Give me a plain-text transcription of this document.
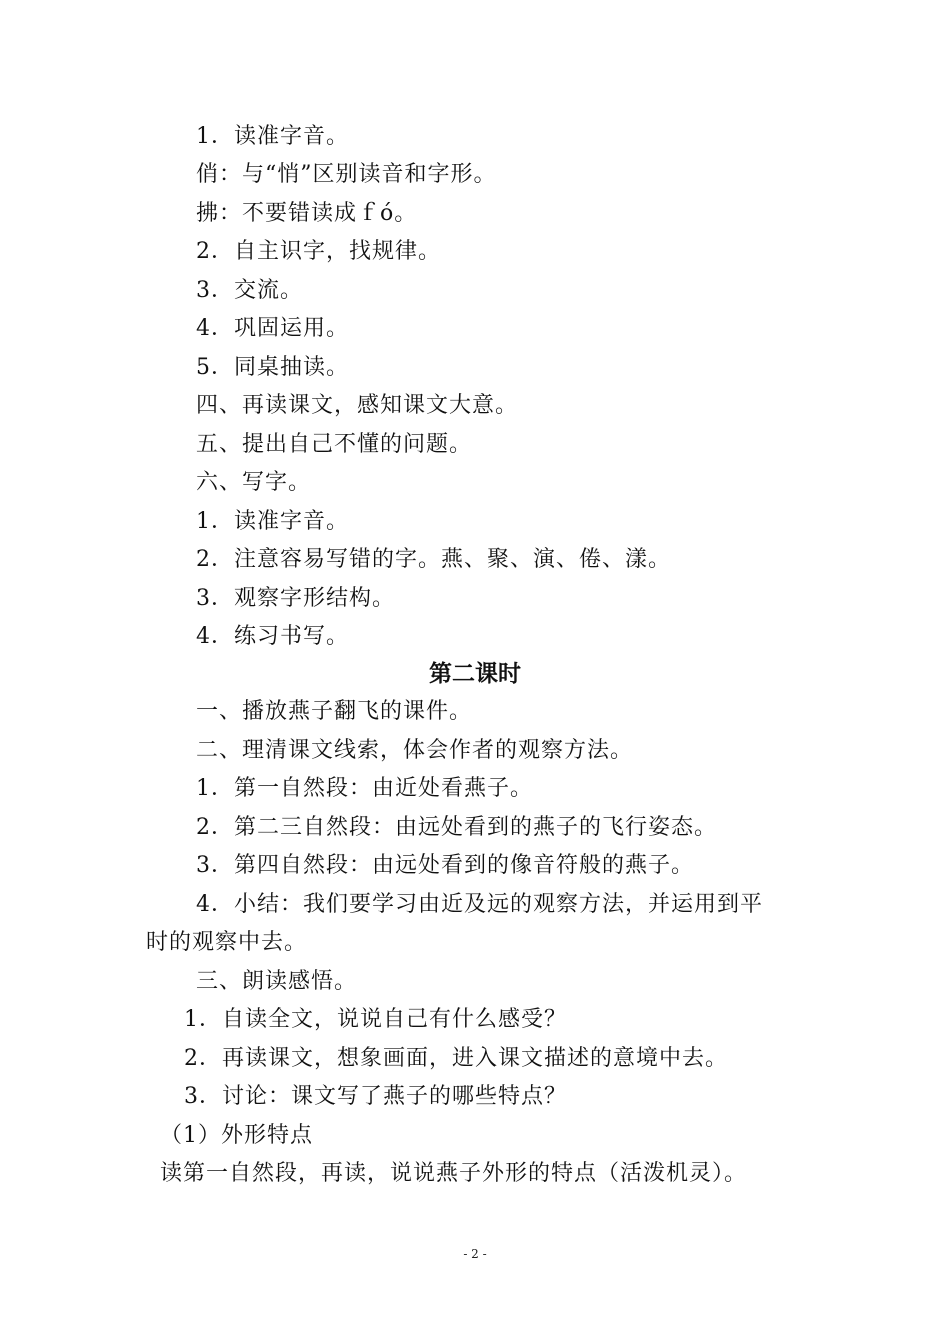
1．读准字音。
俏：与“悄”区别读音和字形。
拂：不要错读成ｆó。
2．自主识字，找规律。
3．交流。
4．巩固运用。
5．同桌抽读。
四、再读课文，感知课文大意。
五、提出自己不懂的问题。
六、写字。
1．读准字音。
2．注意容易写错的字。燕、聚、演、倦、漾。
3．观察字形结构。
4．练习书写。
第二课时
一、播放燕子翻飞的课件。
二、理清课文线索，体会作者的观察方法。
1．第一自然段：由近处看燕子。
2．第二三自然段：由远处看到的燕子的飞行姿态。
3．第四自然段：由远处看到的像音符般的燕子。
4．小结：我们要学习由近及远的观察方法，并运用到平
时的观察中去。
三、朗读感悟。
1．自读全文，说说自己有什么感受？
2．再读课文，想象画面，进入课文描述的意境中去。
3．讨论：课文写了燕子的哪些特点？
（1）外形特点
读第一自然段，再读，说说燕子外形的特点（活泼机灵）。
- 2 -
